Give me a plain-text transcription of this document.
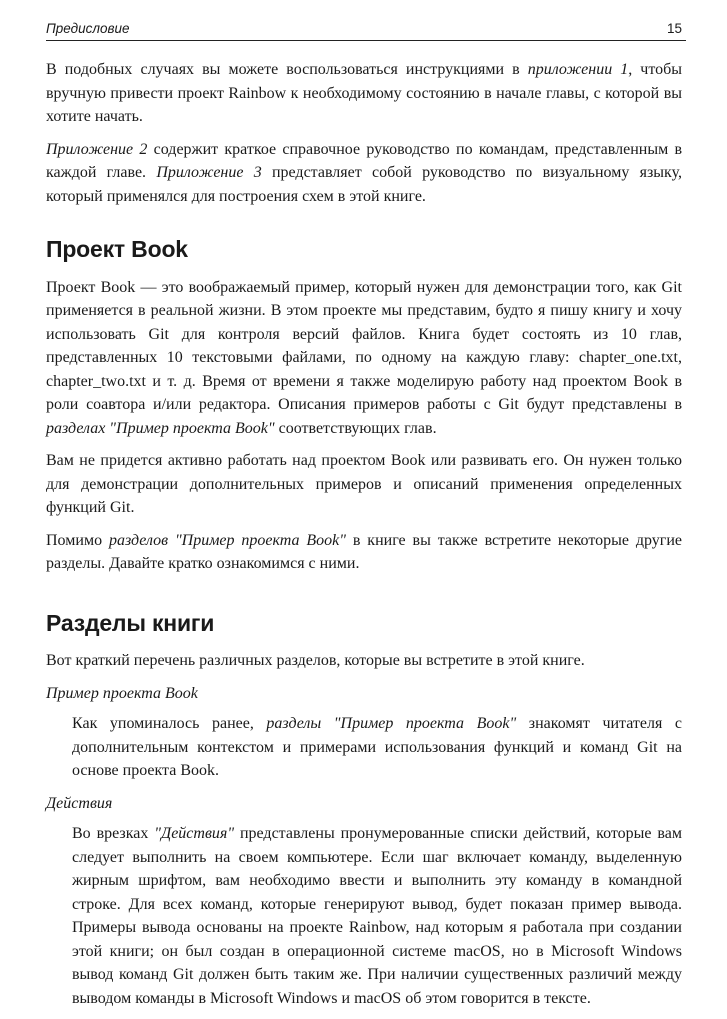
Предисловие	15

В подобных случаях вы можете воспользоваться инструкциями в приложении 1, чтобы вручную привести проект Rainbow к необходимому состоянию в начале главы, с которой вы хотите начать.

Приложение 2 содержит краткое справочное руководство по командам, представленным в каждой главе. Приложение 3 представляет собой руководство по визуальному языку, который применялся для построения схем в этой книге.

Проект Book

Проект Book — это воображаемый пример, который нужен для демонстрации того, как Git применяется в реальной жизни. В этом проекте мы представим, будто я пишу книгу и хочу использовать Git для контроля версий файлов. Книга будет состоять из 10 глав, представленных 10 текстовыми файлами, по одному на каждую главу: chapter_one.txt, chapter_two.txt и т. д. Время от времени я также моделирую работу над проектом Book в роли соавтора и/или редактора. Описания примеров работы с Git будут представлены в разделах "Пример проекта Book" соответствующих глав.

Вам не придется активно работать над проектом Book или развивать его. Он нужен только для демонстрации дополнительных примеров и описаний применения определенных функций Git.

Помимо разделов "Пример проекта Book" в книге вы также встретите некоторые другие разделы. Давайте кратко ознакомимся с ними.

Разделы книги

Вот краткий перечень различных разделов, которые вы встретите в этой книге.

Пример проекта Book

Как упоминалось ранее, разделы "Пример проекта Book" знакомят читателя с дополнительным контекстом и примерами использования функций и команд Git на основе проекта Book.

Действия

Во врезках "Действия" представлены пронумерованные списки действий, которые вам следует выполнить на своем компьютере. Если шаг включает команду, выделенную жирным шрифтом, вам необходимо ввести и выполнить эту команду в командной строке. Для всех команд, которые генерируют вывод, будет показан пример вывода. Примеры вывода основаны на проекте Rainbow, над которым я работала при создании этой книги; он был создан в операционной системе macOS, но в Microsoft Windows вывод команд Git должен быть таким же. При наличии существенных различий между выводом команды в Microsoft Windows и macOS об этом говорится в тексте.
